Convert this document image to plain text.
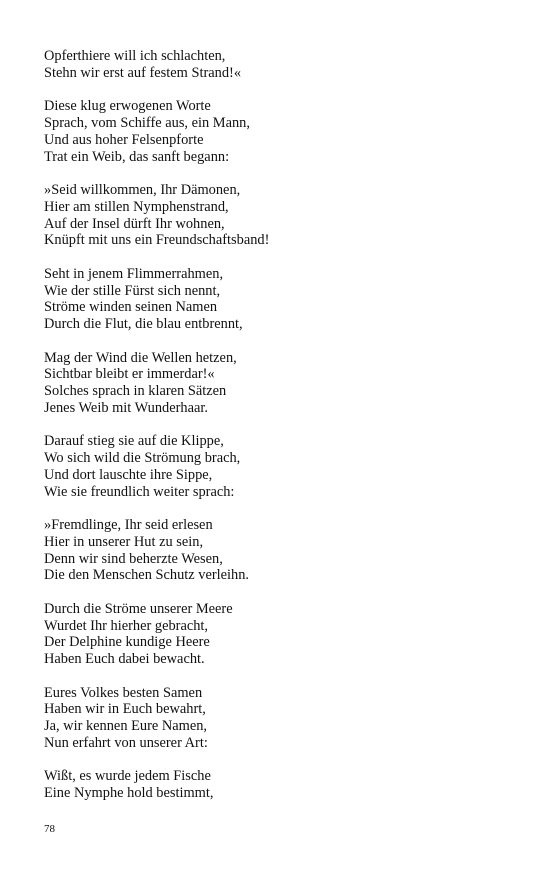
Opferthiere will ich schlachten,
Stehn wir erst auf festem Strand!«
Diese klug erwogenen Worte
Sprach, vom Schiffe aus, ein Mann,
Und aus hoher Felsenpforte
Trat ein Weib, das sanft begann:
»Seid willkommen, Ihr Dämonen,
Hier am stillen Nymphenstrand,
Auf der Insel dürft Ihr wohnen,
Knüpft mit uns ein Freundschaftsband!
Seht in jenem Flimmerrahmen,
Wie der stille Fürst sich nennt,
Ströme winden seinen Namen
Durch die Flut, die blau entbrennt,
Mag der Wind die Wellen hetzen,
Sichtbar bleibt er immerdar!«
Solches sprach in klaren Sätzen
Jenes Weib mit Wunderhaar.
Darauf stieg sie auf die Klippe,
Wo sich wild die Strömung brach,
Und dort lauschte ihre Sippe,
Wie sie freundlich weiter sprach:
»Fremdlinge, Ihr seid erlesen
Hier in unserer Hut zu sein,
Denn wir sind beherzte Wesen,
Die den Menschen Schutz verleihn.
Durch die Ströme unserer Meere
Wurdet Ihr hierher gebracht,
Der Delphine kundige Heere
Haben Euch dabei bewacht.
Eures Volkes besten Samen
Haben wir in Euch bewahrt,
Ja, wir kennen Eure Namen,
Nun erfahrt von unserer Art:
Wißt, es wurde jedem Fische
Eine Nymphe hold bestimmt,
78
